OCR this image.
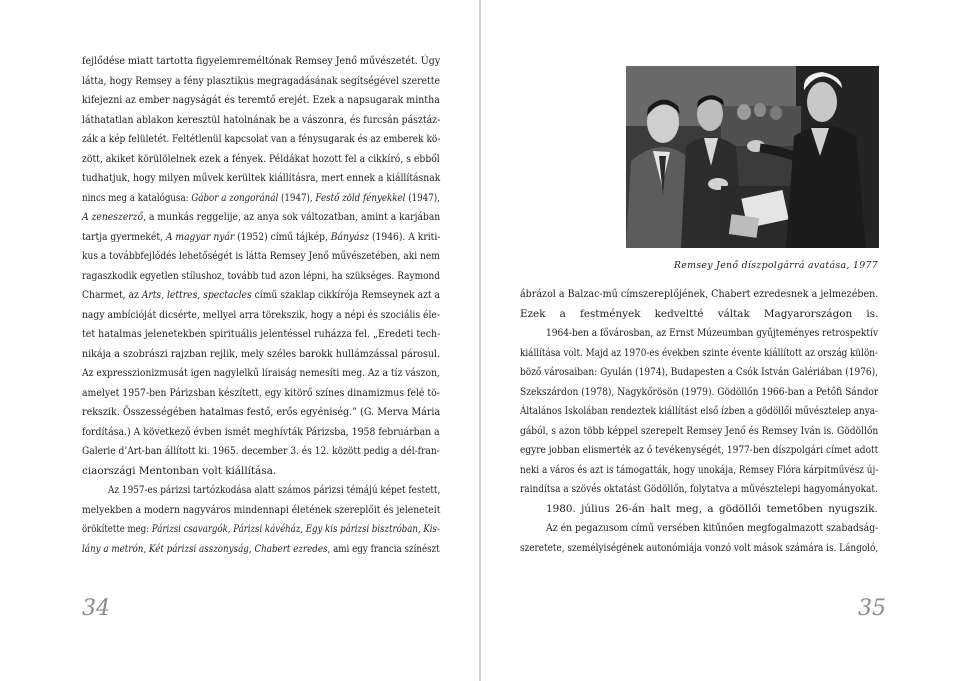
fejlődése miatt tartotta figyelemreméltónak Remsey Jenő művészetét. Úgy
látta, hogy Remsey a fény plasztikus megragadásának segítségével szerette
kifejezni az ember nagyságát és teremtő erejét. Ezek a napsugarak mintha
láthatatlan ablakon keresztül hatolnának be a vászonra, és furcsán pásztáz-
zák a kép felületét. Feltétlenül kapcsolat van a fénysugarak és az emberek kö-
zött, akiket körülölelnek ezek a fények. Példákat hozott fel a cikkíró, s ebből
tudhatjuk, hogy milyen művek kerültek kiállításra, mert ennek a kiállításnak
nincs meg a katalógusa: Gábor a zongoránál (1947), Festő zöld fényekkel (1947),
A zeneszerző, a munkás reggelije, az anya sok változatban, amint a karjában
tartja gyermekét, A magyar nyár (1952) című tájkép, Bányász (1946). A kriti-
kus a továbbfejlődés lehetőségét is látta Remsey Jenő művészetében, aki nem
ragaszkodik egyetlen stílushoz, tovább tud azon lépni, ha szükséges. Raymond
Charmet, az Arts, lettres, spectacles című szaklap cikkírója Remseynek azt a
nagy ambícióját dicsérte, mellyel arra törekszik, hogy a népi és szociális éle-
tet hatalmas jelenetekben spirituális jelentéssel ruházza fel. „Eredeti tech-
nikája a szobrászi rajzban rejlik, mely széles barokk hullámzással párosul.
Az expresszionizmusát igen nagylelkű líraiság nemesíti meg. Az a tíz vászon,
amelyet 1957-ben Párizsban készített, egy kitörő színes dinamizmus felé tö-
rekszik. Összességében hatalmas festő, erős egyéniség.” (G. Merva Mária
fordítása.) A következő évben ismét meghívták Párizsba, 1958 februárban a
Galerie d’Art-ban állított ki. 1965. december 3. és 12. között pedig a dél-fran-
ciaországi Mentonban volt kiállítása.
Az 1957-es párizsi tartózkodása alatt számos párizsi témájú képet festett,
melyekben a modern nagyváros mindennapi életének szereplőit és jeleneteit
örökítette meg: Párizsi csavargók, Párizsi kávéház, Egy kis párizsi bisztróban, Kis-
lány a metrón, Két párizsi asszonyság, Chabert ezredes, ami egy francia színészt
34
Remsey Jenő díszpolgárrá avatása, 1977
ábrázol a Balzac-mű címszereplőjének, Chabert ezredesnek a jelmezében.
Ezek a festmények kedveltté váltak Magyarországon is.
1964-ben a fővárosban, az Ernst Múzeumban gyűjteményes retrospektív
kiállítása volt. Majd az 1970-es években szinte évente kiállított az ország külön-
böző városaiban: Gyulán (1974), Budapesten a Csók István Galériában (1976),
Szekszárdon (1978), Nagykőrösön (1979). Gödöllőn 1966-ban a Petőfi Sándor
Általános Iskolában rendeztek kiállítást első ízben a gödöllői művésztelep anya-
gából, s azon több képpel szerepelt Remsey Jenő és Remsey Iván is. Gödöllőn
egyre jobban elismerték az ő tevékenységét, 1977-ben díszpolgári címet adott
neki a város és azt is támogatták, hogy unokája, Remsey Flóra kárpitművész új-
raindítsa a szövés oktatást Gödöllőn, folytatva a művésztelepi hagyományokat.
1980. július 26-án halt meg, a gödöllői temetőben nyugszik.
Az én pegazusom című versében kitűnően megfogalmazott szabadság-
szeretete, személyiségének autonómiája vonzó volt mások számára is. Lángoló,
35
